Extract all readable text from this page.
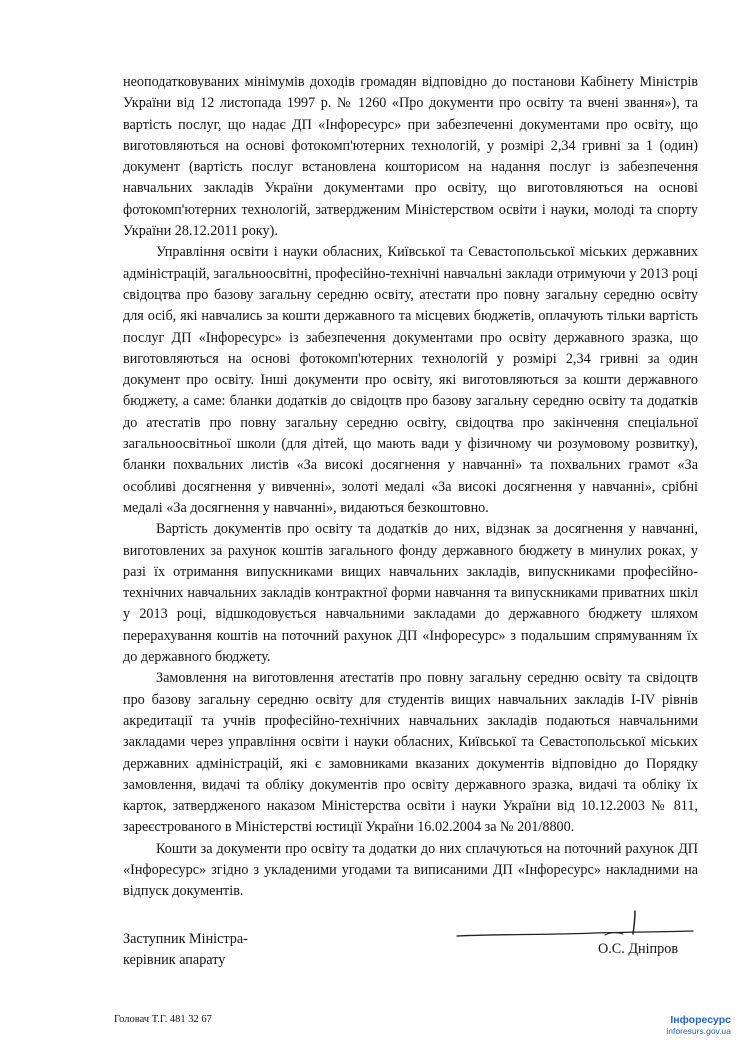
неоподатковуваних мінімумів доходів громадян відповідно до постанови Кабінету Міністрів України від 12 листопада 1997 р. № 1260 «Про документи про освіту та вчені звання»), та вартість послуг, що надає ДП «Інфоресурс» при забезпеченні документами про освіту, що виготовляються на основі фотокомп'ютерних технологій, у розмірі 2,34 гривні за 1 (один) документ (вартість послуг встановлена кошторисом на надання послуг із забезпечення навчальних закладів України документами про освіту, що виготовляються на основі фотокомп'ютерних технологій, затвердженим Міністерством освіти і науки, молоді та спорту України 28.12.2011 року).

Управління освіти і науки обласних, Київської та Севастопольської міських державних адміністрацій, загальноосвітні, професійно-технічні навчальні заклади отримуючи у 2013 році свідоцтва про базову загальну середню освіту, атестати про повну загальну середню освіту для осіб, які навчались за кошти державного та місцевих бюджетів, оплачують тільки вартість послуг ДП «Інфоресурс» із забезпечення документами про освіту державного зразка, що виготовляються на основі фотокомп'ютерних технологій у розмірі 2,34 гривні за один документ про освіту. Інші документи про освіту, які виготовляються за кошти державного бюджету, а саме: бланки додатків до свідоцтв про базову загальну середню освіту та додатків до атестатів про повну загальну середню освіту, свідоцтва про закінчення спеціальної загальноосвітньої школи (для дітей, що мають вади у фізичному чи розумовому розвитку), бланки похвальних листів «За високі досягнення у навчанні» та похвальних грамот «За особливі досягнення у вивченні», золоті медалі «За високі досягнення у навчанні», срібні медалі «За досягнення у навчанні», видаються безкоштовно.

Вартість документів про освіту та додатків до них, відзнак за досягнення у навчанні, виготовлених за рахунок коштів загального фонду державного бюджету в минулих роках, у разі їх отримання випускниками вищих навчальних закладів, випускниками професійно-технічних навчальних закладів контрактної форми навчання та випускниками приватних шкіл у 2013 році, відшкодовується навчальними закладами до державного бюджету шляхом перерахування коштів на поточний рахунок ДП «Інфоресурс» з подальшим спрямуванням їх до державного бюджету.

Замовлення на виготовлення атестатів про повну загальну середню освіту та свідоцтв про базову загальну середню освіту для студентів вищих навчальних закладів I-IV рівнів акредитації та учнів професійно-технічних навчальних закладів подаються навчальними закладами через управління освіти і науки обласних, Київської та Севастопольської міських державних адміністрацій, які є замовниками вказаних документів відповідно до Порядку замовлення, видачі та обліку документів про освіту державного зразка, видачі та обліку їх карток, затвердженого наказом Міністерства освіти і науки України від 10.12.2003 № 811, зареєстрованого в Міністерстві юстиції України 16.02.2004 за № 201/8800.

Кошти за документи про освіту та додатки до них сплачуються на поточний рахунок ДП «Інфоресурс» згідно з укладеними угодами та виписаними ДП «Інфоресурс» накладними на відпуск документів.

Заступник Міністра-
керівник апарату
О.С. Дніпров
Головач Т.Г. 481 32 67	Інфоресурс
inforesurs.gov.ua
